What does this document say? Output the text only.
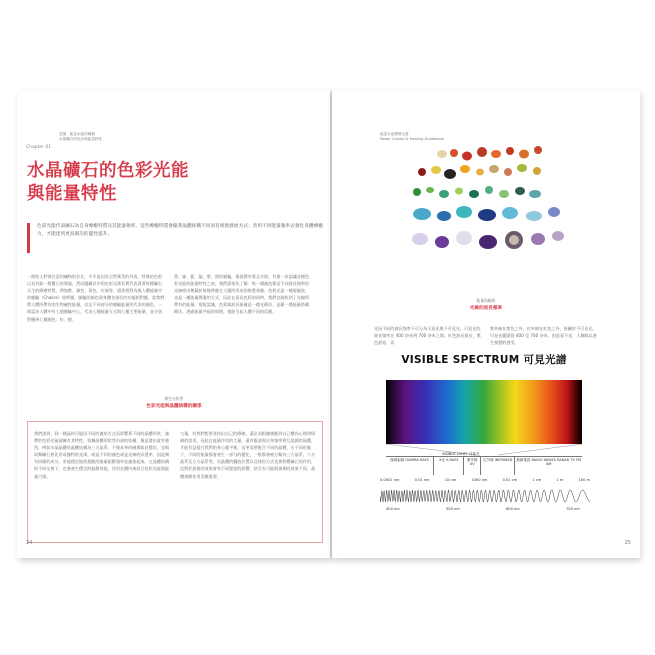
Chapter 01
認識　能量水晶的種類
水晶礦石的色彩與能量特性
水晶礦石的色彩光能
與能量特性
色彩光能代表礦石為自身療癒特質及其能量頻率，這些療癒特質會隨著晶體結構不同而有相異發展方式；善用不同能量頻率去強化身體療癒力，才能達到更高層次的靈性提升。
一開始人們會注意到礦物的存在，多半是因為它們華美的外表，特殊的色彩以及有如一般寶石的質地，然而隱藏其中的色彩光澤其實代表著著每種礦石天生的療癒特質，例如紫、綠色、黃色、紅褐等，通常相對為與人體能量中的脈輪（Chakra）相呼應。脈輪的顏色與身體各部位的功能相對應，當我們將人體所帶有的生物磁性能量，以及不同部分的脈輪能量所代表的顏色，一經認為人體中有七個脈輪中心，代表七種能量方式與七種主要能量，並分別對應到七種顏色：紅、橙、
黃、綠、藍、靛、紫，開於脈輪，後面將有專文介紹。有進一步認識各種色彩光能的能量特性之前，我們需要先了解：每一種顏色都是不同波長頻率的光線經由稜鏡折射後傳遞在大腦所形成的視覺效應；色彩光是一種電磁波，也是一種能量傳遞的方式，因此在看見色彩的同時，我們也接收到了光線所帶有的能量。搭配認識，色彩與波長能量是一種光療法，是藉一種能量搭載療法，透過能量共振的原理，使能引起人體不同的反應。
顏色分析要
色彩光能與晶體結構的關係
我們說到，同一種晶材可能因不同的連結方式而影響著不同的晶體形狀，連帶的色彩光能就擁有其特性，依據晶體形狀等內部的結構，像是發出就有強烈，例如水晶晶體的晶體結構為三方晶系，不僅本身的磁場如此穩定，也與同類礦石相比形成獨特的光澤，或是不同的顏色或是光線的穿透率，因此擁有同樣的成分，更能穩定地與搭配的能量振動頻率並連接起來。在晶體結構的不同交會下，也會產生穩定的振動效能，作用在體內來結合色彩光能與能量力場。
力量，若我們想要尋找出自己的療癒，還必須根據感應到自己體內心理和情緒的需求，因此在能量作用的大量，還有應該與自身頻率相互協調的晶體，才能有益提升我們的身心靈平衡，這更需要配合不同的晶體，在不同形態下，不同的能量都會產生一部分的變化，一般都會被分類為三方晶系、六方晶系及立方晶系等，而晶體的擺放位置以及使用方式也會影響礦石的作用，這對於最後的效果會有不同程度的影響，甚至有可能與預期的效果不同，晶體發揮作用至關重要。
24
能量水晶療癒全書
Power Crystal & Healing Guidebook
能量與輻射
光線的波長頻率
光因不同的波長頻率下可分為可見光與不可見光，可見光的波長頻率在 400 奈米到 700 奈米之間，紅色波長最長，紫色最短，而
紫外線在紫色之外，紅外線在紅色之外，皆屬於不可見光，可見光範圍從 400 至 700 奈米，因此看不見，人類眼以產生視覺的感受。
VISIBLE SPECTRUM 可見光譜
VISIBLE LIGHT 可見光
伽瑪射線 GAMMA RAYS	X光 X-RAYS	紫外線 UV
紅外線 INFRARED	無線電波 RADIO WAVES RADAR TV FM AM
0.0001 nm	0.01 nm	10 nm	1000 nm	0.01 cm	1 cm	1 m	100 m
400 nm	500 nm	600 nm	700 nm
25
